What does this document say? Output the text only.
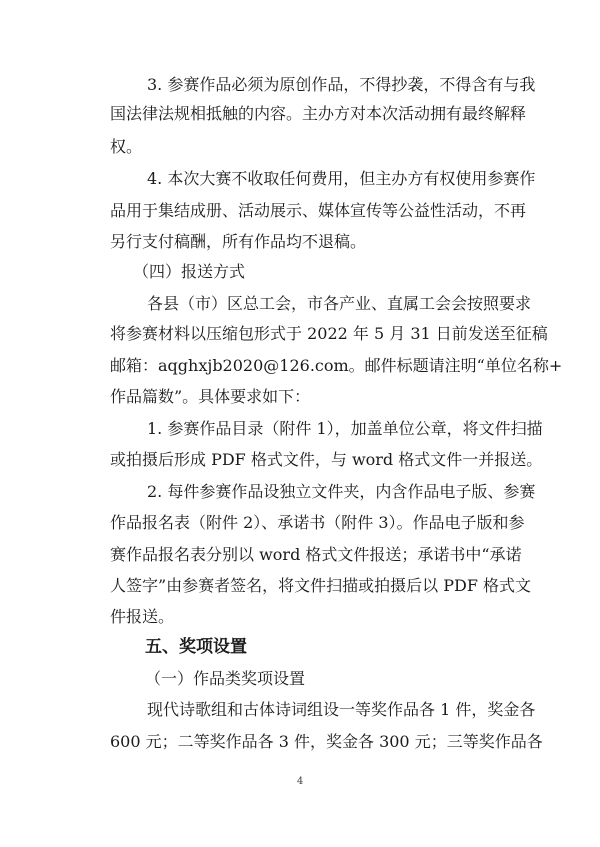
3. 参赛作品必须为原创作品，不得抄袭，不得含有与我
国法律法规相抵触的内容。主办方对本次活动拥有最终解释
权。
4. 本次大赛不收取任何费用，但主办方有权使用参赛作
品用于集结成册、活动展示、媒体宣传等公益性活动，不再
另行支付稿酬，所有作品均不退稿。
（四）报送方式
各县（市）区总工会，市各产业、直属工会会按照要求
将参赛材料以压缩包形式于 2022 年 5 月 31 日前发送至征稿
邮箱：aqghxjb2020@126.com。邮件标题请注明“单位名称+
作品篇数”。具体要求如下：
1. 参赛作品目录（附件 1），加盖单位公章，将文件扫描
或拍摄后形成 PDF 格式文件，与 word 格式文件一并报送。
2. 每件参赛作品设独立文件夹，内含作品电子版、参赛
作品报名表（附件 2）、承诺书（附件 3）。作品电子版和参
赛作品报名表分别以 word 格式文件报送；承诺书中“承诺
人签字”由参赛者签名，将文件扫描或拍摄后以 PDF 格式文
件报送。
五、奖项设置
（一）作品类奖项设置
现代诗歌组和古体诗词组设一等奖作品各 1 件，奖金各
600 元；二等奖作品各 3 件，奖金各 300 元；三等奖作品各
4
